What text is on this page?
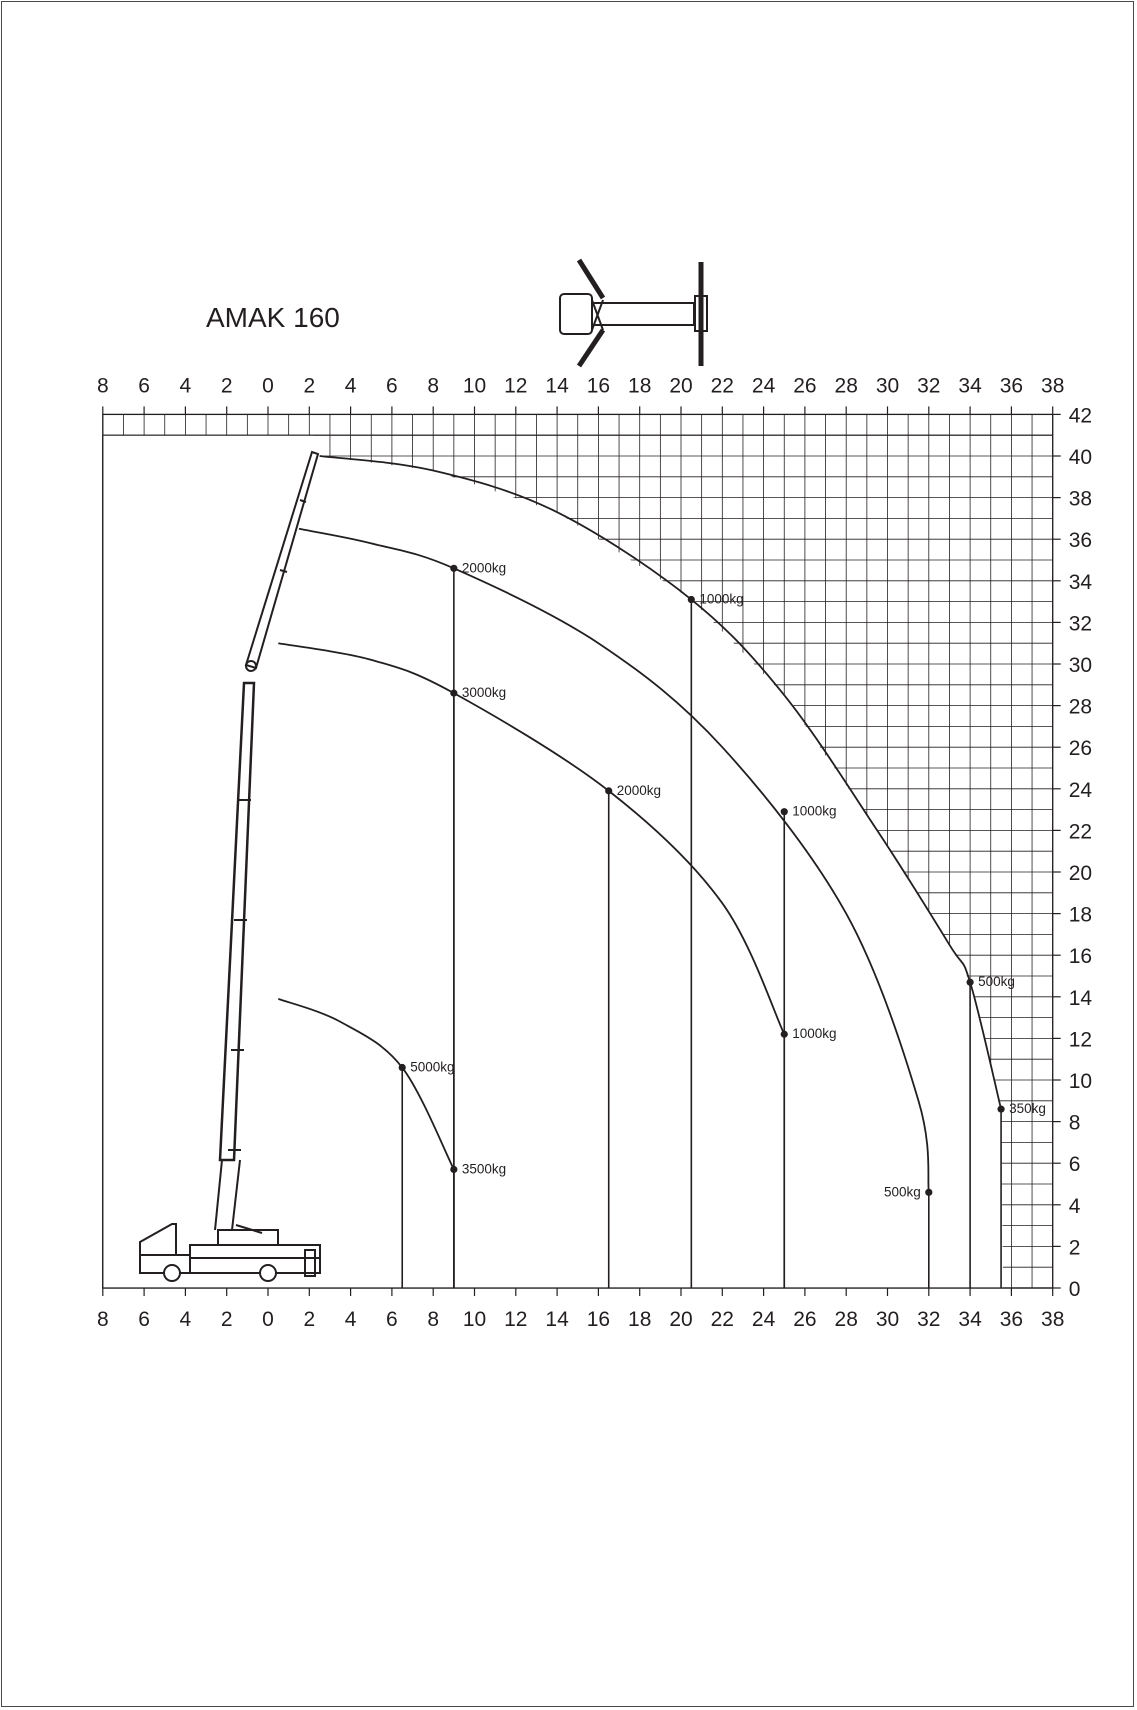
AMAK 160
8
8
6
6
4
4
2
2
0
0
2
2
4
4
6
6
8
8
10
10
12
12
14
14
16
16
18
18
20
20
22
22
24
24
26
26
28
28
30
30
32
32
34
34
36
36
38
38
0
2
4
6
8
10
12
14
16
18
20
22
24
26
28
30
32
34
36
38
40
42
2000kg
1000kg
3000kg
2000kg
1000kg
1000kg
5000kg
3500kg
500kg
350kg
500kg
